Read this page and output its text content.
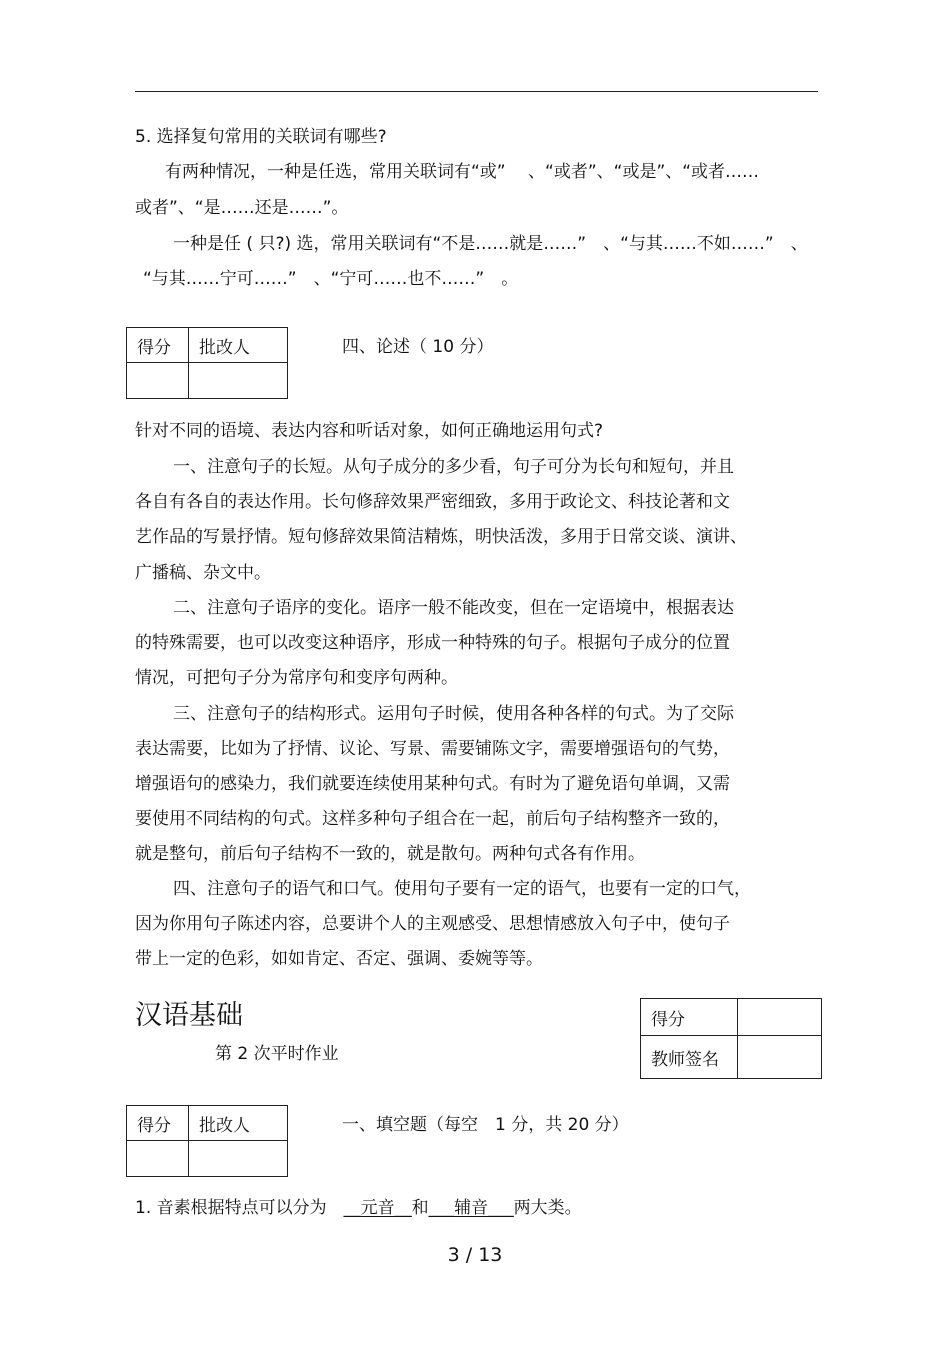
5. 选择复句常用的关联词有哪些?
有两种情况，一种是任选，常用关联词有“或”　 、“或者”、“或是”、“或者……
或者”、“是……还是……”。
一种是任 ( 只?) 选，常用关联词有“不是……就是……”　、“与其……不如……”　、
“与其……宁可……”　、“宁可……也不……”　。
得分	批改人
		四、论述（ 10 分）
针对不同的语境、表达内容和听话对象，如何正确地运用句式?
一、注意句子的长短。从句子成分的多少看，句子可分为长句和短句，并且
各自有各自的表达作用。长句修辞效果严密细致，多用于政论文、科技论著和文
艺作品的写景抒情。短句修辞效果简洁精炼，明快活泼，多用于日常交谈、演讲、
广播稿、杂文中。
二、注意句子语序的变化。语序一般不能改变，但在一定语境中，根据表达
的特殊需要，也可以改变这种语序，形成一种特殊的句子。根据句子成分的位置
情况，可把句子分为常序句和变序句两种。
三、注意句子的结构形式。运用句子时候，使用各种各样的句式。为了交际
表达需要，比如为了抒情、议论、写景、需要铺陈文字，需要增强语句的气势，
增强语句的感染力，我们就要连续使用某种句式。有时为了避免语句单调，又需
要使用不同结构的句式。这样多种句子组合在一起，前后句子结构整齐一致的，
就是整句，前后句子结构不一致的，就是散句。两种句式各有作用。
四、注意句子的语气和口气。使用句子要有一定的语气，也要有一定的口气，
因为你用句子陈述内容，总要讲个人的主观感受、思想情感放入句子中，使句子
带上一定的色彩，如如肯定、否定、强调、委婉等等。
汉语基础
第 2 次平时作业
得分	
教师签名	
得分	批改人
		一、填空题（每空　1 分，共 20 分）
1. 音素根据特点可以分为　__元音__和___辅音___两大类。
3 / 13
